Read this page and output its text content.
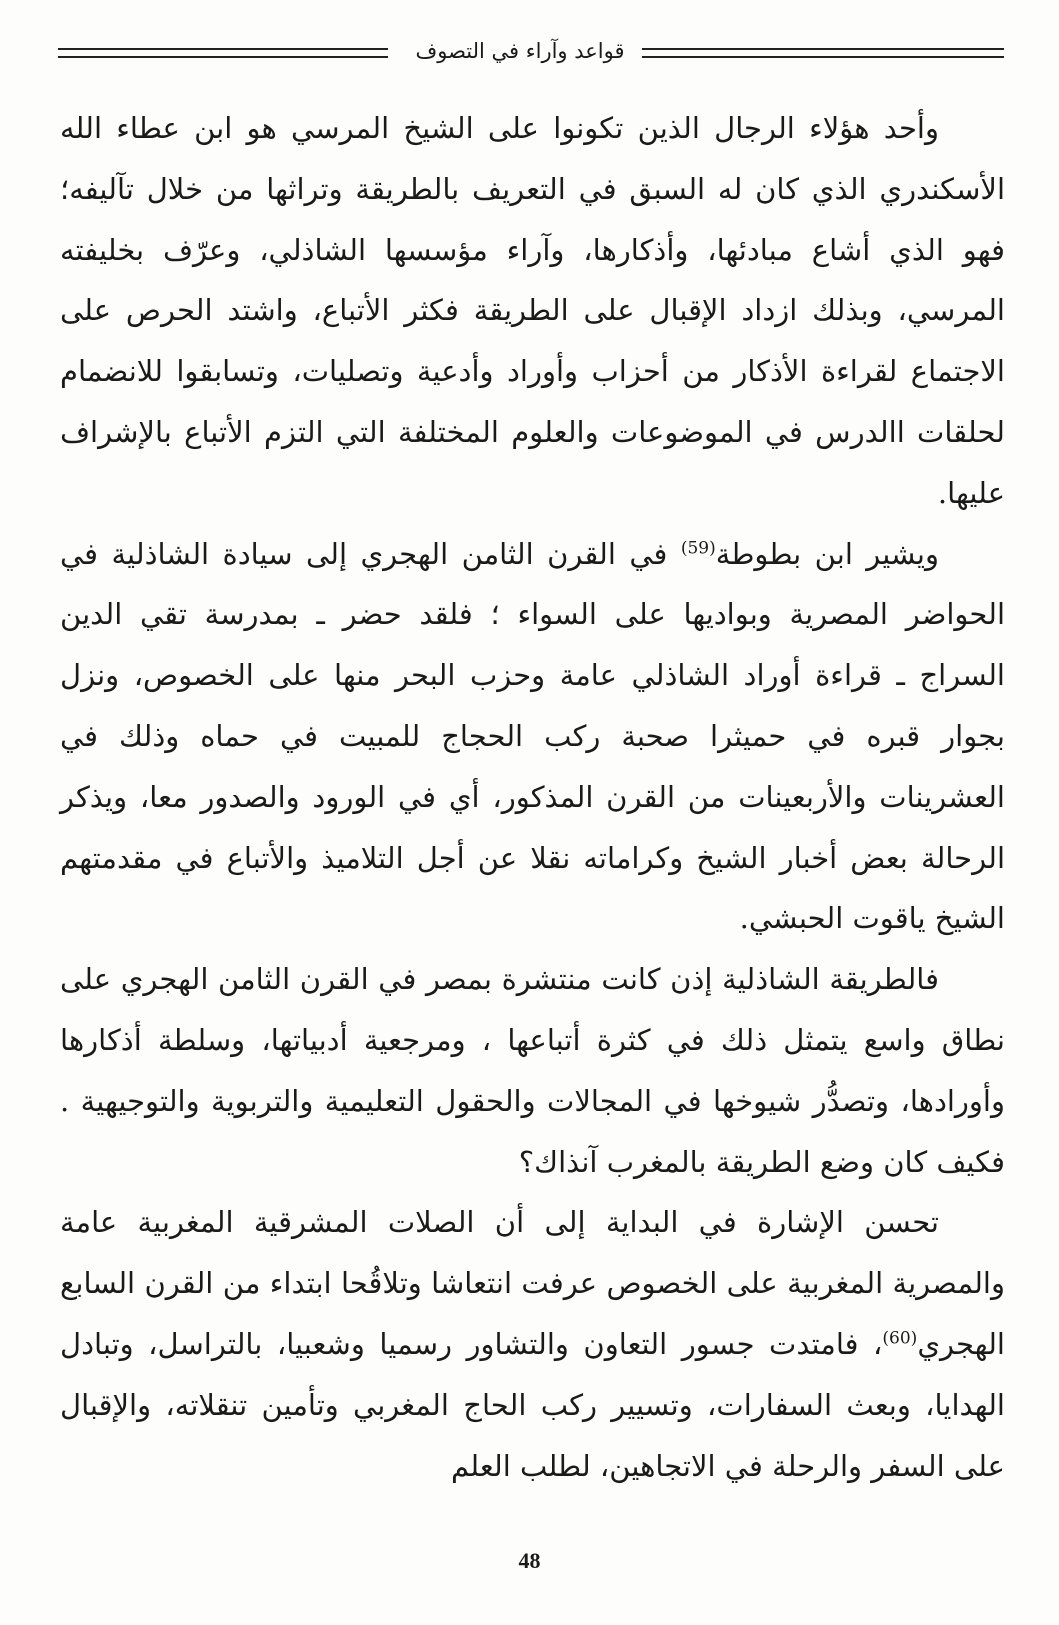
قواعد وآراء في التصوف

وأحد هؤلاء الرجال الذين تكونوا على الشيخ المرسي هو ابن عطاء الله الأسكندري الذي كان له السبق في التعريف بالطريقة وتراثها من خلال تآليفه؛ فهو الذي أشاع مبادئها، وأذكارها، وآراء مؤسسها الشاذلي، وعرّف بخليفته المرسي، وبذلك ازداد الإقبال على الطريقة فكثر الأتباع، واشتد الحرص على الاجتماع لقراءة الأذكار من أحزاب وأوراد وأدعية وتصليات، وتسابقوا للانضمام لحلقات االدرس في الموضوعات والعلوم المختلفة التي التزم الأتباع بالإشراف عليها.

ويشير ابن بطوطة$^{(59)}$ في القرن الثامن الهجري إلى سيادة الشاذلية في الحواضر المصرية وبواديها على السواء ؛ فلقد حضر ـ بمدرسة تقي الدين السراج ـ قراءة أوراد الشاذلي عامة وحزب البحر منها على الخصوص، ونزل بجوار قبره في حميثرا صحبة ركب الحجاج للمبيت في حماه وذلك في العشرينات والأربعينات من القرن المذكور، أي في الورود والصدور معا، ويذكر الرحالة بعض أخبار الشيخ وكراماته نقلا عن أجل التلاميذ والأتباع في مقدمتهم الشيخ ياقوت الحبشي.

فالطريقة الشاذلية إذن كانت منتشرة بمصر في القرن الثامن الهجري على نطاق واسع يتمثل ذلك في كثرة أتباعها ، ومرجعية أدبياتها، وسلطة أذكارها وأورادها، وتصدُّر شيوخها في المجالات والحقول التعليمية والتربوية والتوجيهية . فكيف كان وضع الطريقة بالمغرب آنذاك؟

تحسن الإشارة في البداية إلى أن الصلات المشرقية المغربية عامة والمصرية المغربية على الخصوص عرفت انتعاشا وتلاقُحا ابتداء من القرن السابع الهجري$^{(60)}$، فامتدت جسور التعاون والتشاور رسميا وشعبيا، بالتراسل، وتبادل الهدايا، وبعث السفارات، وتسيير ركب الحاج المغربي وتأمين تنقلاته، والإقبال على السفر والرحلة في الاتجاهين، لطلب العلم

48
